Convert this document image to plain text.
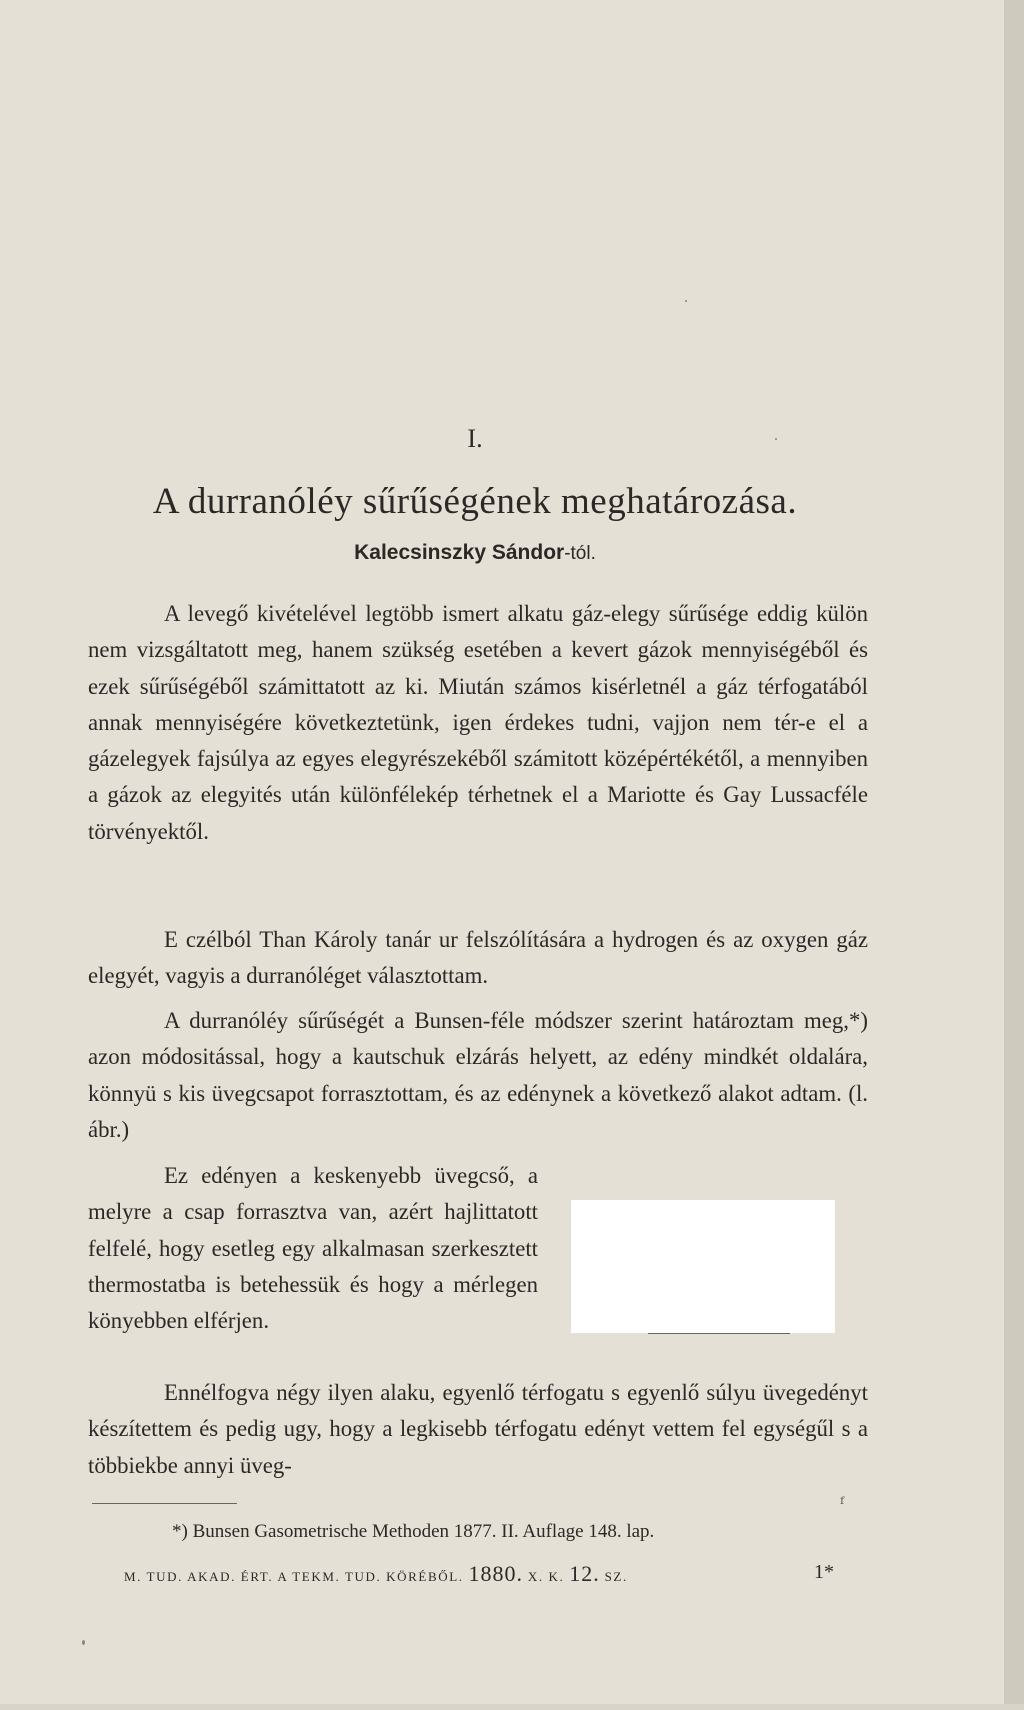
I.
A durranóléy sűrűségének meghatározása.
Kalecsinszky Sándor-tól.

A levegő kivételével legtöbb ismert alkatu gáz-elegy sűrűsége eddig külön nem vizsgáltatott meg, hanem szükség esetében a kevert gázok mennyiségéből és ezek sűrűségéből számittatott az ki. Miután számos kisérletnél a gáz térfogatából annak mennyiségére következtetünk, igen érdekes tudni, vajjon nem tér-e el a gázelegyek fajsúlya az egyes elegyrészekéből számitott középértékétől, a mennyiben a gázok az elegyités után különfélekép térhetnek el a Mariotte és Gay Lussacféle törvényektől.

E czélból Than Károly tanár ur felszólítására a hydrogen és az oxygen gáz elegyét, vagyis a durranóléget választottam.

A durranóléy sűrűségét a Bunsen-féle módszer szerint határoztam meg,*) azon módositással, hogy a kautschuk elzárás helyett, az edény mindkét oldalára, könnyü s kis üvegcsapot forrasztottam, és az edénynek a következő alakot adtam. (l. ábr.)

Ez edényen a keskenyebb üvegcső, a melyre a csap forrasztva van, azért hajlittatott felfelé, hogy esetleg egy alkalmasan szerkesztett thermostatba is betehessük és hogy a mérlegen könyebben elférjen.

Ennélfogva négy ilyen alaku, egyenlő térfogatu s egyenlő súlyu üvegedényt készítettem és pedig ugy, hogy a legkisebb térfogatu edényt vettem fel egységűl s a többiekbe annyi üveg-

ᶠ
*) Bunsen Gasometrische Methoden 1877. II. Auflage 148. lap.
M. TUD. AKAD. ÉRT. A TEKM. TUD. KÖRÉBŐL. 1880. X. K. 12. SZ.	1*
